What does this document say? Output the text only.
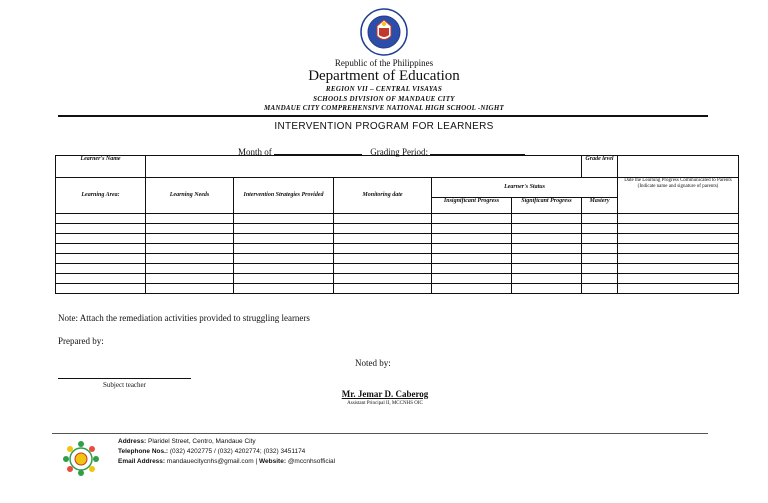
Republic of the Philippines
Department of Education
REGION VII – CENTRAL VISAYAS
SCHOOLS DIVISION OF MANDAUE CITY
MANDAUE CITY COMPREHENSIVE NATIONAL HIGH SCHOOL -NIGHT
INTERVENTION PROGRAM FOR LEARNERS
Month of	Grading Period:
Learner's Name						Grade level	
Learning Area:	Learning Needs	Intervention Strategies Provided	Monitoring date	Learner's Status			Date the Learning Progress Communicated to Parents (Indicate name and signature of parents)
				Insignificant Progress	Significant Progress	Mastery	

Note: Attach the remediation activities provided to struggling learners
Prepared by:
Noted by:
Subject teacher
Mr. Jemar D. Caberog
Assistant Principal II, MCCNHS OIC
Address: Plaridel Street, Centro, Mandaue City
Telephone Nos.: (032) 4202775 / (032) 4202774; (032) 3451174
Email Address: mandauecitycnhs@gmail.com | Website: @mccnhsofficial
